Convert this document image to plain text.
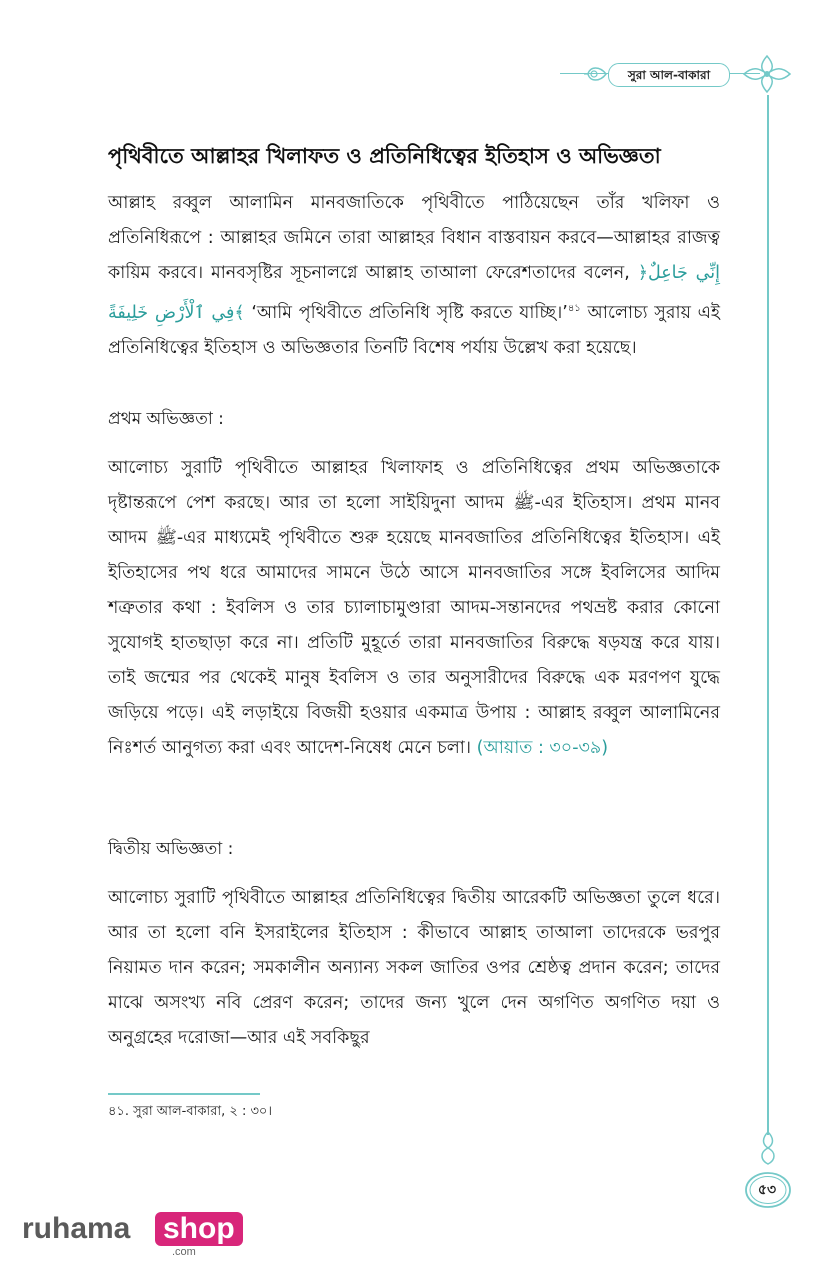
সুরা আল-বাকারা
পৃথিবীতে আল্লাহর খিলাফত ও প্রতিনিধিত্বের ইতিহাস ও অভিজ্ঞতা
আল্লাহ রব্বুল আলামিন মানবজাতিকে পৃথিবীতে পাঠিয়েছেন তাঁর খলিফা ও প্রতিনিধিরূপে : আল্লাহর জমিনে তারা আল্লাহর বিধান বাস্তবায়ন করবে—আল্লাহর রাজত্ব কায়িম করবে। মানবসৃষ্টির সূচনালগ্নে আল্লাহ তাআলা ফেরেশতাদের বলেন, ﴿إِنِّي جَاعِلٌ فِي ٱلْأَرْضِ خَلِيفَةً﴾ ‘আমি পৃথিবীতে প্রতিনিধি সৃষ্টি করতে যাচ্ছি।’$^{৪১}$ আলোচ্য সুরায় এই প্রতিনিধিত্বের ইতিহাস ও অভিজ্ঞতার তিনটি বিশেষ পর্যায় উল্লেখ করা হয়েছে।
প্রথম অভিজ্ঞতা :
আলোচ্য সুরাটি পৃথিবীতে আল্লাহর খিলাফাহ ও প্রতিনিধিত্বের প্রথম অভিজ্ঞতাকে দৃষ্টান্তরূপে পেশ করছে। আর তা হলো সাইয়িদুনা আদম ﷺ-এর ইতিহাস। প্রথম মানব আদম ﷺ-এর মাধ্যমেই পৃথিবীতে শুরু হয়েছে মানবজাতির প্রতিনিধিত্বের ইতিহাস। এই ইতিহাসের পথ ধরে আমাদের সামনে উঠে আসে মানবজাতির সঙ্গে ইবলিসের আদিম শত্রুতার কথা : ইবলিস ও তার চ্যালাচামুণ্ডারা আদম-সন্তানদের পথভ্রষ্ট করার কোনো সুযোগই হাতছাড়া করে না। প্রতিটি মুহূর্তে তারা মানবজাতির বিরুদ্ধে ষড়যন্ত্র করে যায়। তাই জন্মের পর থেকেই মানুষ ইবলিস ও তার অনুসারীদের বিরুদ্ধে এক মরণপণ যুদ্ধে জড়িয়ে পড়ে। এই লড়াইয়ে বিজয়ী হওয়ার একমাত্র উপায় : আল্লাহ রব্বুল আলামিনের নিঃশর্ত আনুগত্য করা এবং আদেশ-নিষেধ মেনে চলা। (আয়াত : ৩০-৩৯)
দ্বিতীয় অভিজ্ঞতা :
আলোচ্য সুরাটি পৃথিবীতে আল্লাহর প্রতিনিধিত্বের দ্বিতীয় আরেকটি অভিজ্ঞতা তুলে ধরে। আর তা হলো বনি ইসরাইলের ইতিহাস : কীভাবে আল্লাহ তাআলা তাদেরকে ভরপুর নিয়ামত দান করেন; সমকালীন অন্যান্য সকল জাতির ওপর শ্রেষ্ঠত্ব প্রদান করেন; তাদের মাঝে অসংখ্য নবি প্রেরণ করেন; তাদের জন্য খুলে দেন অগণিত অগণিত দয়া ও অনুগ্রহের দরোজা—আর এই সবকিছুর
৪১. সুরা আল-বাকারা, ২ : ৩০।
৫৩
ruhama shop
.com
